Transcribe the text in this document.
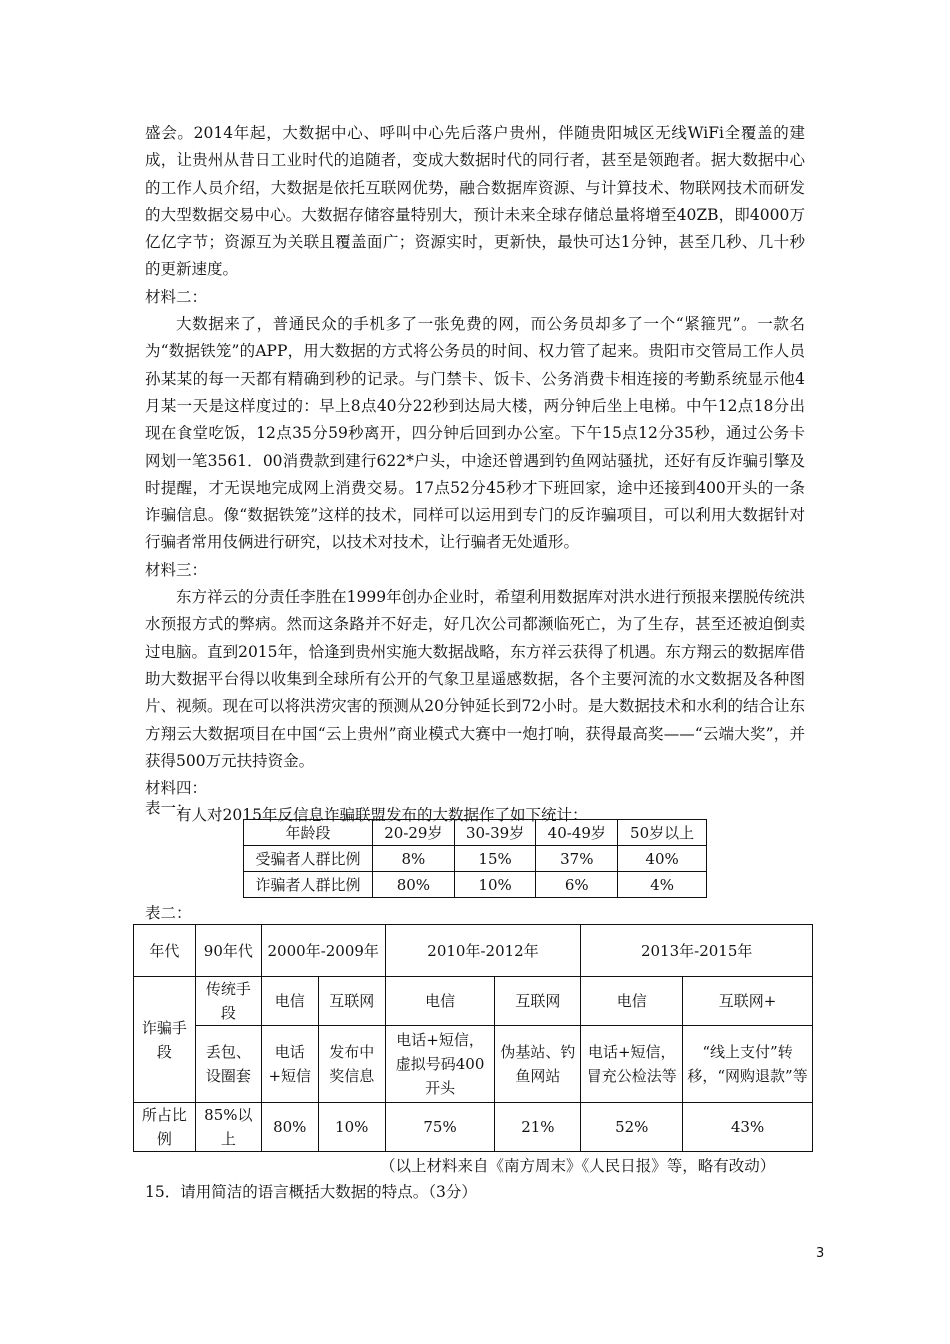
盛会。2014年起，大数据中心、呼叫中心先后落户贵州，伴随贵阳城区无线WiFi全覆盖的建成，让贵州从昔日工业时代的追随者，变成大数据时代的同行者，甚至是领跑者。据大数据中心的工作人员介绍，大数据是依托互联网优势，融合数据库资源、与计算技术、物联网技术而研发的大型数据交易中心。大数据存储容量特别大，预计未来全球存储总量将增至40ZB，即4000万亿亿字节；资源互为关联且覆盖面广；资源实时，更新快，最快可达1分钟，甚至几秒、几十秒的更新速度。

材料二：

大数据来了，普通民众的手机多了一张免费的网，而公务员却多了一个“紧箍咒”。一款名为“数据铁笼”的APP，用大数据的方式将公务员的时间、权力管了起来。贵阳市交管局工作人员孙某某的每一天都有精确到秒的记录。与门禁卡、饭卡、公务消费卡相连接的考勤系统显示他4月某一天是这样度过的：早上8点40分22秒到达局大楼，两分钟后坐上电梯。中午12点18分出现在食堂吃饭，12点35分59秒离开，四分钟后回到办公室。下午15点12分35秒，通过公务卡网划一笔3561．00消费款到建行622*户头，中途还曾遇到钓鱼网站骚扰，还好有反诈骗引擎及时提醒，才无误地完成网上消费交易。17点52分45秒才下班回家，途中还接到400开头的一条诈骗信息。像“数据铁笼”这样的技术，同样可以运用到专门的反诈骗项目，可以利用大数据针对行骗者常用伎俩进行研究，以技术对技术，让行骗者无处遁形。

材料三：

东方祥云的分责任李胜在1999年创办企业时，希望利用数据库对洪水进行预报来摆脱传统洪水预报方式的弊病。然而这条路并不好走，好几次公司都濒临死亡，为了生存，甚至还被迫倒卖过电脑。直到2015年，恰逢到贵州实施大数据战略，东方祥云获得了机遇。东方翔云的数据库借助大数据平台得以收集到全球所有公开的气象卫星遥感数据，各个主要河流的水文数据及各种图片、视频。现在可以将洪涝灾害的预测从20分钟延长到72小时。是大数据技术和水利的结合让东方翔云大数据项目在中国“云上贵州”商业模式大赛中一炮打响，获得最高奖——“云端大奖”，并获得500万元扶持资金。

材料四：

有人对2015年反信息诈骗联盟发布的大数据作了如下统计：

表一：
年龄段	20-29岁	30-39岁	40-49岁	50岁以上
受骗者人群比例	8%	15%	37%	40%
诈骗者人群比例	80%	10%	6%	4%
表二：
年代	90年代	2000年-2009年		2010年-2012年		2013年-2015年	
诈骗手段	传统手段	电信	互联网	电信	互联网	电信	互联网+
	丢包、设圈套	电话+短信	发布中奖信息	电话+短信，虚拟号码400开头	伪基站、钓鱼网站	电话+短信，冒充公检法等	“线上支付”转移，“网购退款”等
所占比例	85%以上	80%	10%	75%	21%	52%	43%
（以上材料来自《南方周末》《人民日报》等，略有改动）
15．请用简洁的语言概括大数据的特点。（3分）
3
